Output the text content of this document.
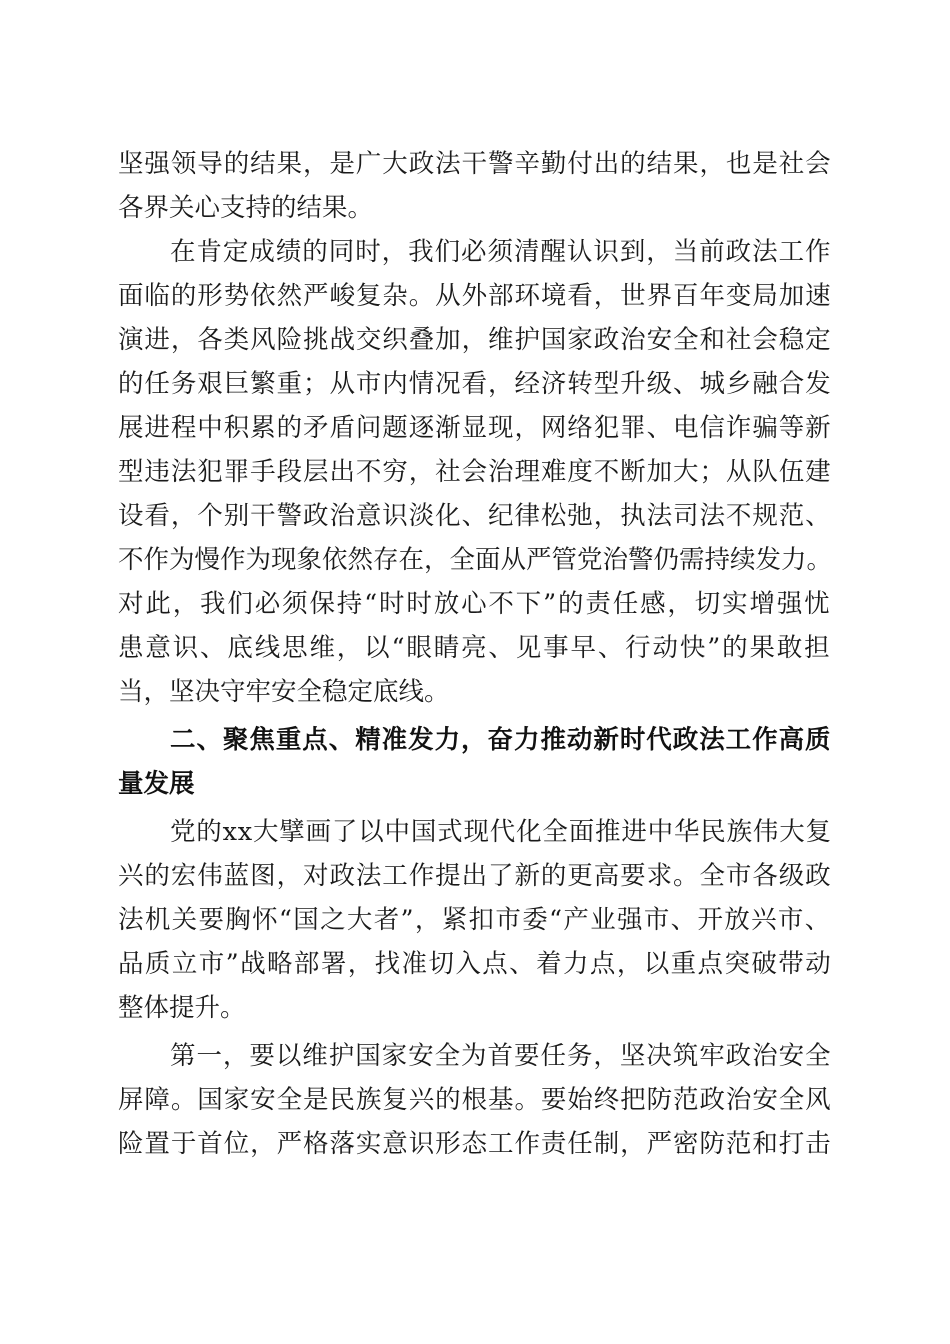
坚强领导的结果，是广大政法干警辛勤付出的结果，也是社会
各界关心支持的结果。
在肯定成绩的同时，我们必须清醒认识到，当前政法工作
面临的形势依然严峻复杂。从外部环境看，世界百年变局加速
演进，各类风险挑战交织叠加，维护国家政治安全和社会稳定
的任务艰巨繁重；从市内情况看，经济转型升级、城乡融合发
展进程中积累的矛盾问题逐渐显现，网络犯罪、电信诈骗等新
型违法犯罪手段层出不穷，社会治理难度不断加大；从队伍建
设看，个别干警政治意识淡化、纪律松弛，执法司法不规范、
不作为慢作为现象依然存在，全面从严管党治警仍需持续发力。
对此，我们必须保持“时时放心不下”的责任感，切实增强忧
患意识、底线思维，以“眼睛亮、见事早、行动快”的果敢担
当，坚决守牢安全稳定底线。
二、聚焦重点、精准发力，奋力推动新时代政法工作高质
量发展
党的xx大擘画了以中国式现代化全面推进中华民族伟大复
兴的宏伟蓝图，对政法工作提出了新的更高要求。全市各级政
法机关要胸怀“国之大者”，紧扣市委“产业强市、开放兴市、
品质立市”战略部署，找准切入点、着力点，以重点突破带动
整体提升。
第一，要以维护国家安全为首要任务，坚决筑牢政治安全
屏障。国家安全是民族复兴的根基。要始终把防范政治安全风
险置于首位，严格落实意识形态工作责任制，严密防范和打击
